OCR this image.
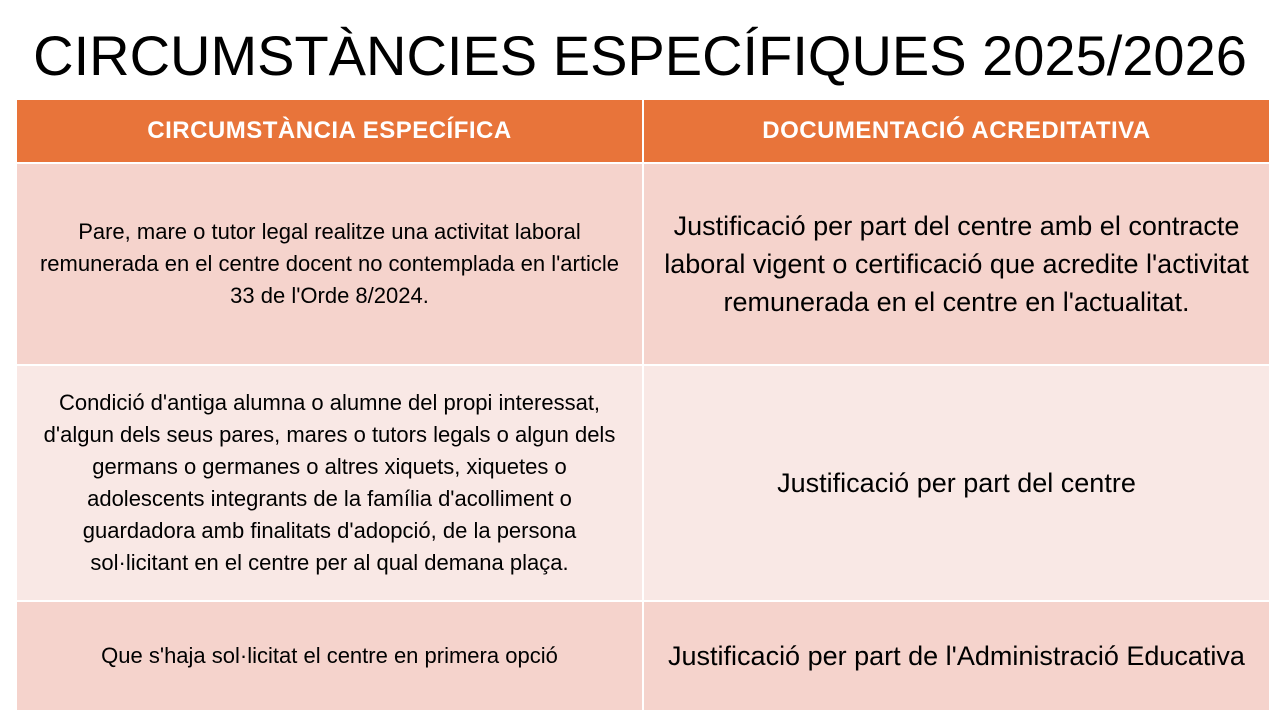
CIRCUMSTÀNCIES ESPECÍFIQUES 2025/2026
CIRCUMSTÀNCIA ESPECÍFICA	DOCUMENTACIÓ ACREDITATIVA
Pare, mare o tutor legal realitze una activitat laboral remunerada en el centre docent no contemplada en l'article 33 de l'Orde 8/2024.	Justificació per part del centre amb el contracte laboral vigent o certificació que acredite l'activitat remunerada en el centre en l'actualitat.
Condició d'antiga alumna o alumne del propi interessat, d'algun dels seus pares, mares o tutors legals o algun dels germans o germanes o altres xiquets, xiquetes o adolescents integrants de la família d'acolliment o guardadora amb finalitats d'adopció, de la persona sol·licitant en el centre per al qual demana plaça.	Justificació per part del centre
Que s'haja sol·licitat el centre en primera opció	Justificació per part de l'Administració Educativa
